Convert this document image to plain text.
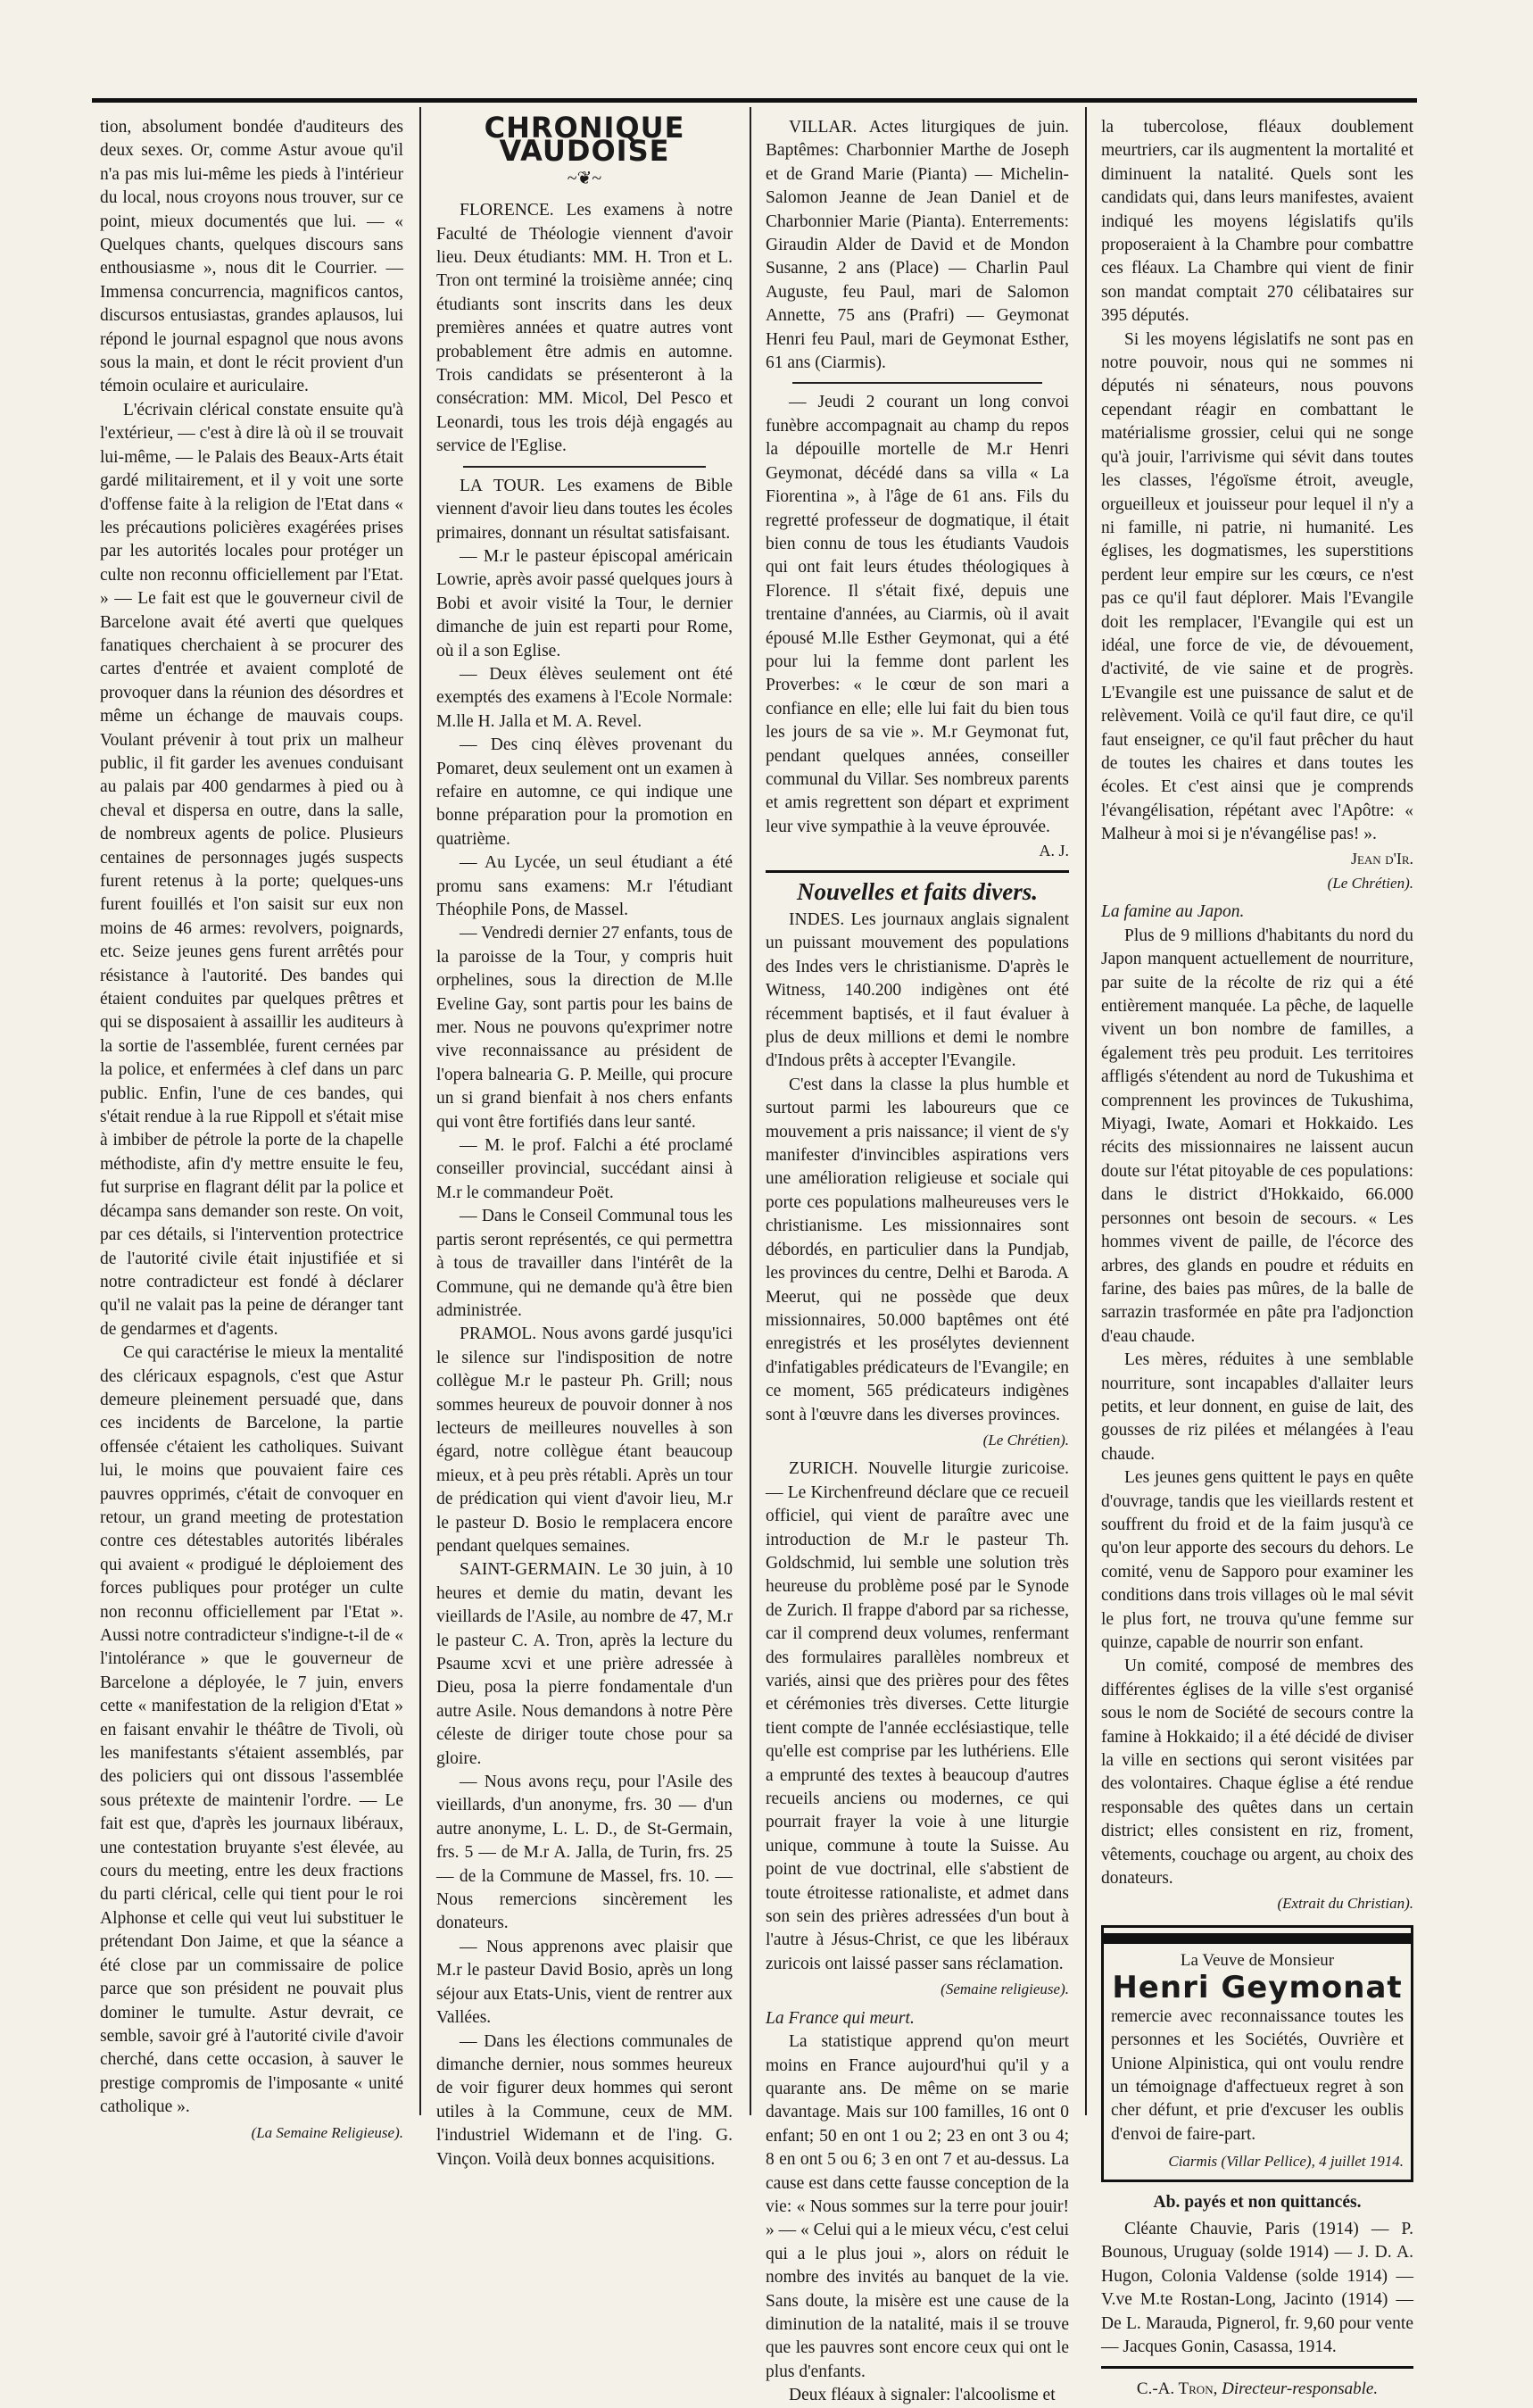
tion, absolument bondée d'auditeurs des deux sexes. Or, comme Astur avoue qu'il n'a pas mis lui-même les pieds à l'intérieur du local, nous croyons nous trouver, sur ce point, mieux documentés que lui. — « Quelques chants, quelques discours sans enthousiasme », nous dit le Courrier. — Immensa concurrencia, magnificos cantos, discursos entusiastas, grandes aplausos, lui répond le journal espagnol que nous avons sous la main, et dont le récit provient d'un témoin oculaire et auriculaire.

L'écrivain clérical constate ensuite qu'à l'extérieur, — c'est à dire là où il se trouvait lui-même, — le Palais des Beaux-Arts était gardé militairement, et il y voit une sorte d'offense faite à la religion de l'Etat dans « les précautions policières exagérées prises par les autorités locales pour protéger un culte non reconnu officiellement par l'Etat. » — Le fait est que le gouverneur civil de Barcelone avait été averti que quelques fanatiques cherchaient à se procurer des cartes d'entrée et avaient comploté de provoquer dans la réunion des désordres et même un échange de mauvais coups. Voulant prévenir à tout prix un malheur public, il fit garder les avenues conduisant au palais par 400 gendarmes à pied ou à cheval et dispersa en outre, dans la salle, de nombreux agents de police. Plusieurs centaines de personnages jugés suspects furent retenus à la porte; quelques-uns furent fouillés et l'on saisit sur eux non moins de 46 armes: revolvers, poignards, etc. Seize jeunes gens furent arrêtés pour résistance à l'autorité. Des bandes qui étaient conduites par quelques prêtres et qui se disposaient à assaillir les auditeurs à la sortie de l'assemblée, furent cernées par la police, et enfermées à clef dans un parc public. Enfin, l'une de ces bandes, qui s'était rendue à la rue Rippoll et s'était mise à imbiber de pétrole la porte de la chapelle méthodiste, afin d'y mettre ensuite le feu, fut surprise en flagrant délit par la police et décampa sans demander son reste. On voit, par ces détails, si l'intervention protectrice de l'autorité civile était injustifiée et si notre contradicteur est fondé à déclarer qu'il ne valait pas la peine de déranger tant de gendarmes et d'agents.

Ce qui caractérise le mieux la mentalité des cléricaux espagnols, c'est que Astur demeure pleinement persuadé que, dans ces incidents de Barcelone, la partie offensée c'étaient les catholiques. Suivant lui, le moins que pouvaient faire ces pauvres opprimés, c'était de convoquer en retour, un grand meeting de protestation contre ces détestables autorités libérales qui avaient « prodigué le déploiement des forces publiques pour protéger un culte non reconnu officiellement par l'Etat ». Aussi notre contradicteur s'indigne-t-il de « l'intolérance » que le gouverneur de Barcelone a déployée, le 7 juin, envers cette « manifestation de la religion d'Etat » en faisant envahir le théâtre de Tivoli, où les manifestants s'étaient assemblés, par des policiers qui ont dissous l'assemblée sous prétexte de maintenir l'ordre. — Le fait est que, d'après les journaux libéraux, une contestation bruyante s'est élevée, au cours du meeting, entre les deux fractions du parti clérical, celle qui tient pour le roi Alphonse et celle qui veut lui substituer le prétendant Don Jaime, et que la séance a été close par un commissaire de police parce que son président ne pouvait plus dominer le tumulte. Astur devrait, ce semble, savoir gré à l'autorité civile d'avoir cherché, dans cette occasion, à sauver le prestige compromis de l'imposante « unité catholique ».

(La Semaine Religieuse).
CHRONIQUE VAUDOISE
~❦~

FLORENCE. Les examens à notre Faculté de Théologie viennent d'avoir lieu. Deux étudiants: MM. H. Tron et L. Tron ont terminé la troisième année; cinq étudiants sont inscrits dans les deux premières années et quatre autres vont probablement être admis en automne. Trois candidats se présenteront à la consécration: MM. Micol, Del Pesco et Leonardi, tous les trois déjà engagés au service de l'Eglise.

LA TOUR. Les examens de Bible viennent d'avoir lieu dans toutes les écoles primaires, donnant un résultat satisfaisant.

— M.r le pasteur épiscopal américain Lowrie, après avoir passé quelques jours à Bobi et avoir visité la Tour, le dernier dimanche de juin est reparti pour Rome, où il a son Eglise.

— Deux élèves seulement ont été exemptés des examens à l'Ecole Normale: M.lle H. Jalla et M. A. Revel.

— Des cinq élèves provenant du Pomaret, deux seulement ont un examen à refaire en automne, ce qui indique une bonne préparation pour la promotion en quatrième.

— Au Lycée, un seul étudiant a été promu sans examens: M.r l'étudiant Théophile Pons, de Massel.

— Vendredi dernier 27 enfants, tous de la paroisse de la Tour, y compris huit orphelines, sous la direction de M.lle Eveline Gay, sont partis pour les bains de mer. Nous ne pouvons qu'exprimer notre vive reconnaissance au président de l'opera balnearia G. P. Meille, qui procure un si grand bienfait à nos chers enfants qui vont être fortifiés dans leur santé.

— M. le prof. Falchi a été proclamé conseiller provincial, succédant ainsi à M.r le commandeur Poët.

— Dans le Conseil Communal tous les partis seront représentés, ce qui permettra à tous de travailler dans l'intérêt de la Commune, qui ne demande qu'à être bien administrée.

PRAMOL. Nous avons gardé jusqu'ici le silence sur l'indisposition de notre collègue M.r le pasteur Ph. Grill; nous sommes heureux de pouvoir donner à nos lecteurs de meilleures nouvelles à son égard, notre collègue étant beaucoup mieux, et à peu près rétabli. Après un tour de prédication qui vient d'avoir lieu, M.r le pasteur D. Bosio le remplacera encore pendant quelques semaines.

SAINT-GERMAIN. Le 30 juin, à 10 heures et demie du matin, devant les vieillards de l'Asile, au nombre de 47, M.r le pasteur C. A. Tron, après la lecture du Psaume xcvi et une prière adressée à Dieu, posa la pierre fondamentale d'un autre Asile. Nous demandons à notre Père céleste de diriger toute chose pour sa gloire.

— Nous avons reçu, pour l'Asile des vieillards, d'un anonyme, frs. 30 — d'un autre anonyme, L. L. D., de St-Germain, frs. 5 — de M.r A. Jalla, de Turin, frs. 25 — de la Commune de Massel, frs. 10. — Nous remercions sincèrement les donateurs.

— Nous apprenons avec plaisir que M.r le pasteur David Bosio, après un long séjour aux Etats-Unis, vient de rentrer aux Vallées.

— Dans les élections communales de dimanche dernier, nous sommes heureux de voir figurer deux hommes qui seront utiles à la Commune, ceux de MM. l'industriel Widemann et de l'ing. G. Vinçon. Voilà deux bonnes acquisitions.

VILLAR. Actes liturgiques de juin. Baptêmes: Charbonnier Marthe de Joseph et de Grand Marie (Pianta) — Michelin-Salomon Jeanne de Jean Daniel et de Charbonnier Marie (Pianta). Enterrements: Giraudin Alder de David et de Mondon Susanne, 2 ans (Place) — Charlin Paul Auguste, feu Paul, mari de Salomon Annette, 75 ans (Prafri) — Geymonat Henri feu Paul, mari de Geymonat Esther, 61 ans (Ciarmis).

— Jeudi 2 courant un long convoi funèbre accompagnait au champ du repos la dépouille mortelle de M.r Henri Geymonat, décédé dans sa villa « La Fiorentina », à l'âge de 61 ans. Fils du regretté professeur de dogmatique, il était bien connu de tous les étudiants Vaudois qui ont fait leurs études théologiques à Florence. Il s'était fixé, depuis une trentaine d'années, au Ciarmis, où il avait épousé M.lle Esther Geymonat, qui a été pour lui la femme dont parlent les Proverbes: « le cœur de son mari a confiance en elle; elle lui fait du bien tous les jours de sa vie ». M.r Geymonat fut, pendant quelques années, conseiller communal du Villar. Ses nombreux parents et amis regrettent son départ et expriment leur vive sympathie à la veuve éprouvée.

A. J.
Nouvelles et faits divers.

INDES. Les journaux anglais signalent un puissant mouvement des populations des Indes vers le christianisme. D'après le Witness, 140.200 indigènes ont été récemment baptisés, et il faut évaluer à plus de deux millions et demi le nombre d'Indous prêts à accepter l'Evangile.

C'est dans la classe la plus humble et surtout parmi les laboureurs que ce mouvement a pris naissance; il vient de s'y manifester d'invincibles aspirations vers une amélioration religieuse et sociale qui porte ces populations malheureuses vers le christianisme. Les missionnaires sont débordés, en particulier dans la Pundjab, les provinces du centre, Delhi et Baroda. A Meerut, qui ne possède que deux missionnaires, 50.000 baptêmes ont été enregistrés et les prosélytes deviennent d'infatigables prédicateurs de l'Evangile; en ce moment, 565 prédicateurs indigènes sont à l'œuvre dans les diverses provinces.

(Le Chrétien).

ZURICH. Nouvelle liturgie zuricoise. — Le Kirchenfreund déclare que ce recueil officiel, qui vient de paraître avec une introduction de M.r le pasteur Th. Goldschmid, lui semble une solution très heureuse du problème posé par le Synode de Zurich. Il frappe d'abord par sa richesse, car il comprend deux volumes, renfermant des formulaires parallèles nombreux et variés, ainsi que des prières pour des fêtes et cérémonies très diverses. Cette liturgie tient compte de l'année ecclésiastique, telle qu'elle est comprise par les luthériens. Elle a emprunté des textes à beaucoup d'autres recueils anciens ou modernes, ce qui pourrait frayer la voie à une liturgie unique, commune à toute la Suisse. Au point de vue doctrinal, elle s'abstient de toute étroitesse rationaliste, et admet dans son sein des prières adressées d'un bout à l'autre à Jésus-Christ, ce que les libéraux zuricois ont laissé passer sans réclamation.

(Semaine religieuse).

La France qui meurt.

La statistique apprend qu'on meurt moins en France aujourd'hui qu'il y a quarante ans. De même on se marie davantage. Mais sur 100 familles, 16 ont 0 enfant; 50 en ont 1 ou 2; 23 en ont 3 ou 4; 8 en ont 5 ou 6; 3 en ont 7 et au-dessus. La cause est dans cette fausse conception de la vie: « Nous sommes sur la terre pour jouir! » — « Celui qui a le mieux vécu, c'est celui qui a le plus joui », alors on réduit le nombre des invités au banquet de la vie. Sans doute, la misère est une cause de la diminution de la natalité, mais il se trouve que les pauvres sont encore ceux qui ont le plus d'enfants.

Deux fléaux à signaler: l'alcoolisme et

la tubercolose, fléaux doublement meurtriers, car ils augmentent la mortalité et diminuent la natalité. Quels sont les candidats qui, dans leurs manifestes, avaient indiqué les moyens législatifs qu'ils proposeraient à la Chambre pour combattre ces fléaux. La Chambre qui vient de finir son mandat comptait 270 célibataires sur 395 députés.

Si les moyens législatifs ne sont pas en notre pouvoir, nous qui ne sommes ni députés ni sénateurs, nous pouvons cependant réagir en combattant le matérialisme grossier, celui qui ne songe qu'à jouir, l'arrivisme qui sévit dans toutes les classes, l'égoïsme étroit, aveugle, orgueilleux et jouisseur pour lequel il n'y a ni famille, ni patrie, ni humanité. Les églises, les dogmatismes, les superstitions perdent leur empire sur les cœurs, ce n'est pas ce qu'il faut déplorer. Mais l'Evangile doit les remplacer, l'Evangile qui est un idéal, une force de vie, de dévouement, d'activité, de vie saine et de progrès. L'Evangile est une puissance de salut et de relèvement. Voilà ce qu'il faut dire, ce qu'il faut enseigner, ce qu'il faut prêcher du haut de toutes les chaires et dans toutes les écoles. Et c'est ainsi que je comprends l'évangélisation, répétant avec l'Apôtre: « Malheur à moi si je n'évangélise pas! ».

Jean d'Ir.
(Le Chrétien).

La famine au Japon.

Plus de 9 millions d'habitants du nord du Japon manquent actuellement de nourriture, par suite de la récolte de riz qui a été entièrement manquée. La pêche, de laquelle vivent un bon nombre de familles, a également très peu produit. Les territoires affligés s'étendent au nord de Tukushima et comprennent les provinces de Tukushima, Miyagi, Iwate, Aomari et Hokkaido. Les récits des missionnaires ne laissent aucun doute sur l'état pitoyable de ces populations: dans le district d'Hokkaido, 66.000 personnes ont besoin de secours. « Les hommes vivent de paille, de l'écorce des arbres, des glands en poudre et réduits en farine, des baies pas mûres, de la balle de sarrazin trasformée en pâte pra l'adjonction d'eau chaude.

Les mères, réduites à une semblable nourriture, sont incapables d'allaiter leurs petits, et leur donnent, en guise de lait, des gousses de riz pilées et mélangées à l'eau chaude.

Les jeunes gens quittent le pays en quête d'ouvrage, tandis que les vieillards restent et souffrent du froid et de la faim jusqu'à ce qu'on leur apporte des secours du dehors. Le comité, venu de Sapporo pour examiner les conditions dans trois villages où le mal sévit le plus fort, ne trouva qu'une femme sur quinze, capable de nourrir son enfant.

Un comité, composé de membres des différentes églises de la ville s'est organisé sous le nom de Société de secours contre la famine à Hokkaido; il a été décidé de diviser la ville en sections qui seront visitées par des volontaires. Chaque église a été rendue responsable des quêtes dans un certain district; elles consistent en riz, froment, vêtements, couchage ou argent, au choix des donateurs.

(Extrait du Christian).
La Veuve de Monsieur
Henri Geymonat
remercie avec reconnaissance toutes les personnes et les Sociétés, Ouvrière et Unione Alpinistica, qui ont voulu rendre un témoignage d'affectueux regret à son cher défunt, et prie d'excuser les oublis d'envoi de faire-part.
Ciarmis (Villar Pellice), 4 juillet 1914.
Ab. payés et non quittancés.

Cléante Chauvie, Paris (1914) — P. Bounous, Uruguay (solde 1914) — J. D. A. Hugon, Colonia Valdense (solde 1914) — V.ve M.te Rostan-Long, Jacinto (1914) — De L. Marauda, Pignerol, fr. 9,60 pour vente — Jacques Gonin, Casassa, 1914.

C.-A. Tron, Directeur-responsable.
